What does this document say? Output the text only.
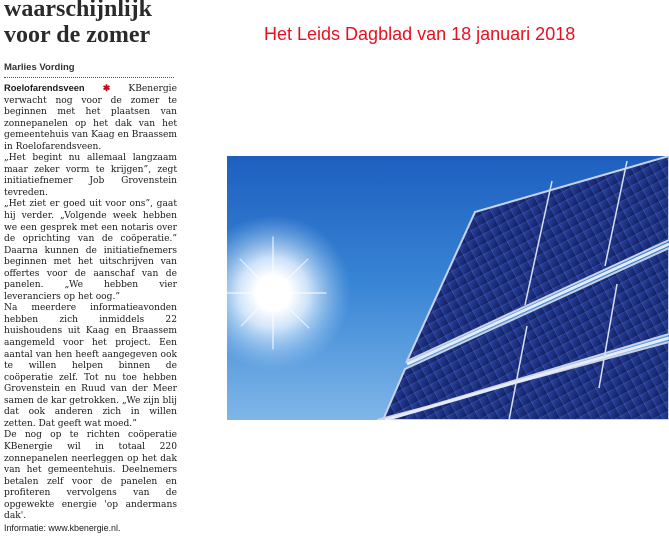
waarschijnlijk
voor de zomer
Marlies Vording

Roelofarendsveen ✱ KBenergie verwacht nog voor de zomer te beginnen met het plaatsen van zonnepanelen op het dak van het gemeentehuis van Kaag en Braassem in Roelofarendsveen.

„Het begint nu allemaal langzaam maar zeker vorm te krijgen”, zegt initiatiefnemer Job Grovenstein tevreden.

„Het ziet er goed uit voor ons”, gaat hij verder. „Volgende week hebben we een gesprek met een notaris over de oprichting van de coöperatie.” Daarna kunnen de initiatiefnemers beginnen met het uitschrijven van offertes voor de aanschaf van de panelen. „We hebben vier leveranciers op het oog.”

Na meerdere informatieavonden hebben zich inmiddels 22 huishoudens uit Kaag en Braassem aangemeld voor het project. Een aantal van hen heeft aangegeven ook te willen helpen binnen de coöperatie zelf. Tot nu toe hebben Grovenstein en Ruud van der Meer samen de kar getrokken. „We zijn blij dat ook anderen zich in willen zetten. Dat geeft wat moed.”

De nog op te richten coöperatie KBenergie wil in totaal 220 zonnepanelen neerleggen op het dak van het gemeentehuis. Deelnemers betalen zelf voor de panelen en profiteren vervolgens van de opgewekte energie 'op andermans dak'.

Informatie: www.kbenergie.nl.

Het Leids Dagblad van 18 januari 2018
